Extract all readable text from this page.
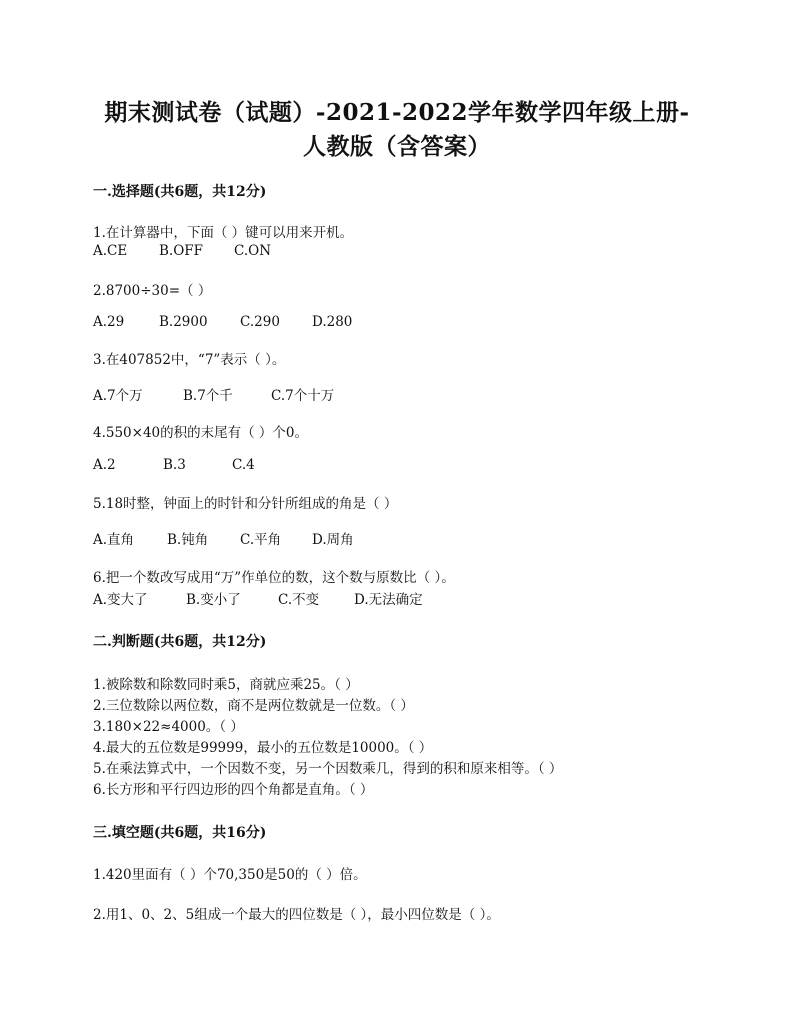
期末测试卷（试题）-2021-2022学年数学四年级上册-
人教版（含答案）
一.选择题(共6题，共12分)
1.在计算器中，下面（ ）键可以用来开机。
A.CE B.OFF C.ON
2.8700÷30=（ ）
A.29	B.2900 C.290 D.280
3.在407852中，“7”表示（ ）。
A.7个万	B.7个千	C.7个十万
4.550×40的积的末尾有（ ）个0。
A.2	B.3	C.4
5.18时整，钟面上的时针和分针所组成的角是（ ）
A.直角 B.钝角 C.平角 D.周角
6.把一个数改写成用“万”作单位的数，这个数与原数比（ ）。
A.变大了	B.变小了	C.不变	D.无法确定
二.判断题(共6题，共12分)
1.被除数和除数同时乘5，商就应乘25。（ ）
2.三位数除以两位数，商不是两位数就是一位数。（ ）
3.180×22≈4000。（ ）
4.最大的五位数是99999，最小的五位数是10000。（ ）
5.在乘法算式中，一个因数不变，另一个因数乘几，得到的积和原来相等。（ ）
6.长方形和平行四边形的四个角都是直角。（ ）
三.填空题(共6题，共16分)
1.420里面有（ ）个70,350是50的（ ）倍。
2.用1、0、2、5组成一个最大的四位数是（ ），最小四位数是（ ）。
